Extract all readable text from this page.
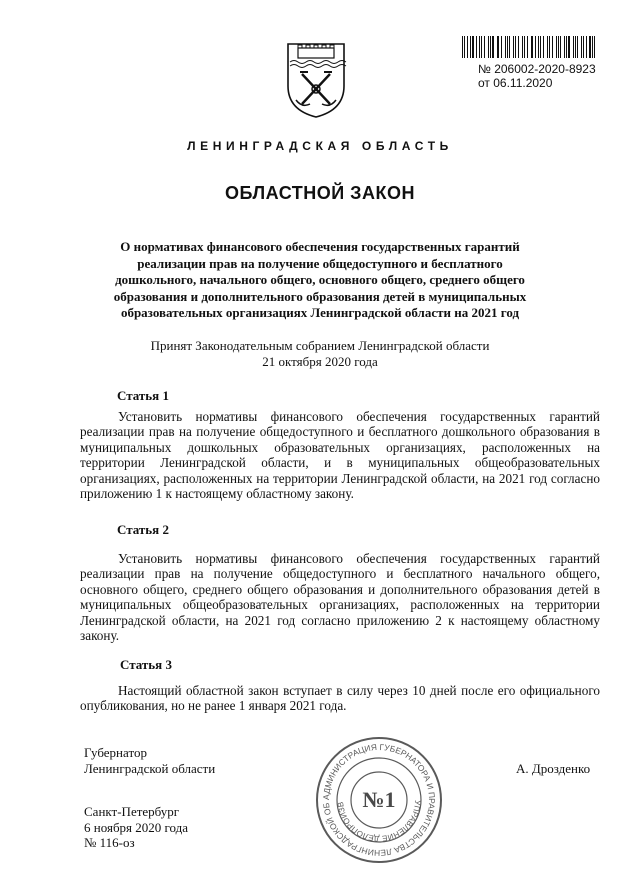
№ 206002-2020-8923
от 06.11.2020
ЛЕНИНГРАДСКАЯ ОБЛАСТЬ
ОБЛАСТНОЙ ЗАКОН
О нормативах финансового обеспечения государственных гарантий
реализации прав на получение общедоступного и бесплатного
дошкольного, начального общего, основного общего, среднего общего
образования и дополнительного образования детей в муниципальных
образовательных организациях Ленинградской области на 2021 год
Принят Законодательным собранием Ленинградской области
21 октября 2020 года
Статья 1
Установить нормативы финансового обеспечения государственных гарантий реализации прав на получение общедоступного и бесплатного дошкольного образования в муниципальных дошкольных образовательных организациях, расположенных на территории Ленинградской области, и в муниципальных общеобразовательных организациях, расположенных на территории Ленинградской области, на 2021 год согласно приложению 1 к настоящему областному закону.
Статья 2
Установить нормативы финансового обеспечения государственных гарантий реализации прав на получение общедоступного и бесплатного начального общего, основного общего, среднего общего образования и дополнительного образования детей в муниципальных общеобразовательных организациях, расположенных на территории Ленинградской области, на 2021 год согласно приложению 2 к настоящему областному закону.
Статья 3
Настоящий областной закон вступает в силу через 10 дней после его официального опубликования, но не ранее 1 января 2021 года.
Губернатор
Ленинградской области	А. Дрозденко
Санкт-Петербург
6 ноября 2020 года
№ 116-оз
АДМИНИСТРАЦИЯ ГУБЕРНАТОРА И ПРАВИТЕЛЬСТВА ЛЕНИНГРАДСКОЙ ОБ	УПРАВЛЕНИЕ ДЕЛОПРОИЗВ №1
